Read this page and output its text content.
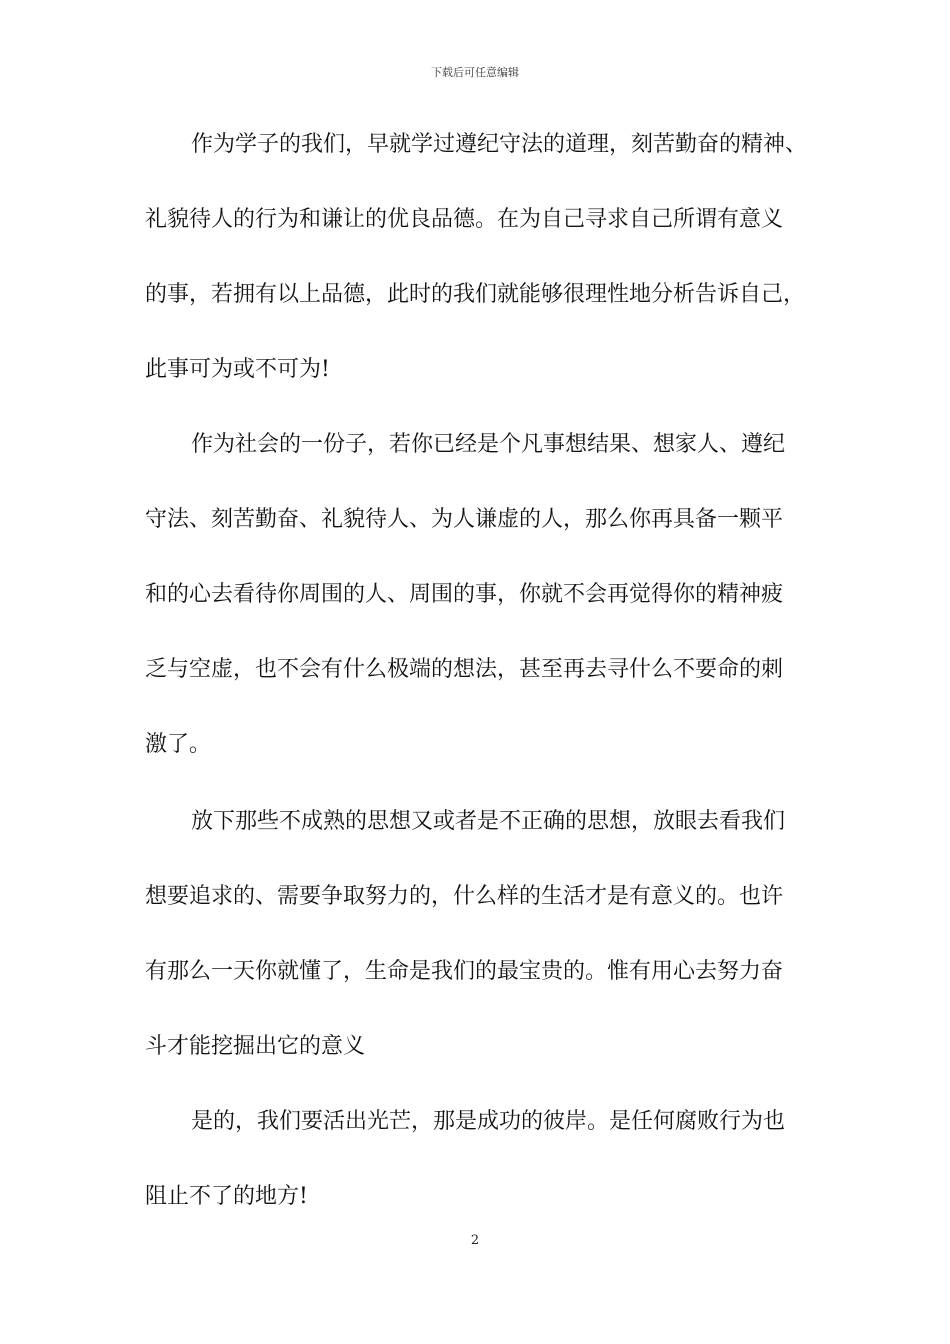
下载后可任意编辑
作为学子的我们，早就学过遵纪守法的道理，刻苦勤奋的精神、
礼貌待人的行为和谦让的优良品德。在为自己寻求自己所谓有意义
的事，若拥有以上品德，此时的我们就能够很理性地分析告诉自己，
此事可为或不可为!
作为社会的一份子，若你已经是个凡事想结果、想家人、遵纪
守法、刻苦勤奋、礼貌待人、为人谦虚的人，那么你再具备一颗平
和的心去看待你周围的人、周围的事，你就不会再觉得你的精神疲
乏与空虚，也不会有什么极端的想法，甚至再去寻什么不要命的刺
激了。
放下那些不成熟的思想又或者是不正确的思想，放眼去看我们
想要追求的、需要争取努力的，什么样的生活才是有意义的。也许
有那么一天你就懂了，生命是我们的最宝贵的。惟有用心去努力奋
斗才能挖掘出它的意义
是的，我们要活出光芒，那是成功的彼岸。是任何腐败行为也
阻止不了的地方!
2
